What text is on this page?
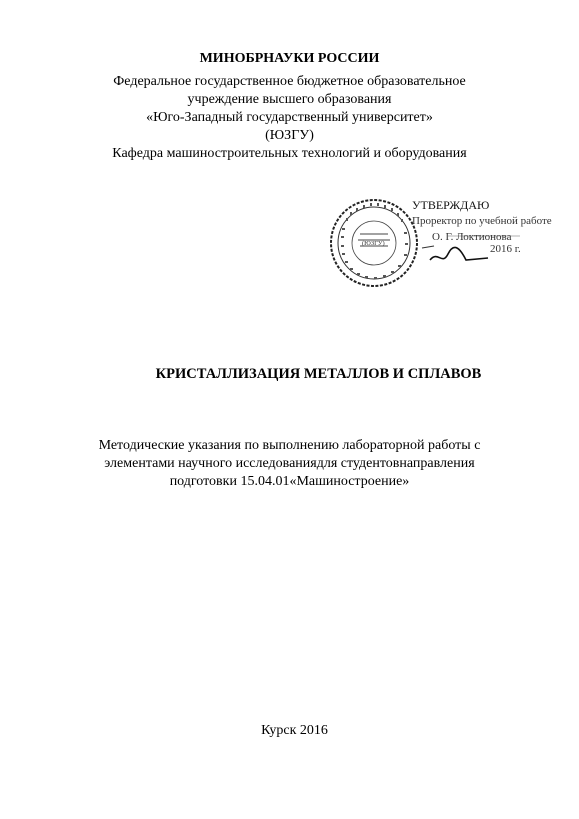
МИНОБРНАУКИ РОССИИ
Федеральное государственное бюджетное образовательное
учреждение высшего образования
«Юго-Западный государственный университет»
(ЮЗГУ)
Кафедра машиностроительных технологий и оборудования
(ЮЗГУ)
УТВЕРЖДАЮ
Проректор по учебной работе
О. Г. Локтионова
2016 г.
КРИСТАЛЛИЗАЦИЯ МЕТАЛЛОВ И СПЛАВОВ
Методические указания по выполнению лабораторной работы с
элементами научного исследованиядля студентовнаправления
подготовки 15.04.01«Машиностроение»
Курск 2016
